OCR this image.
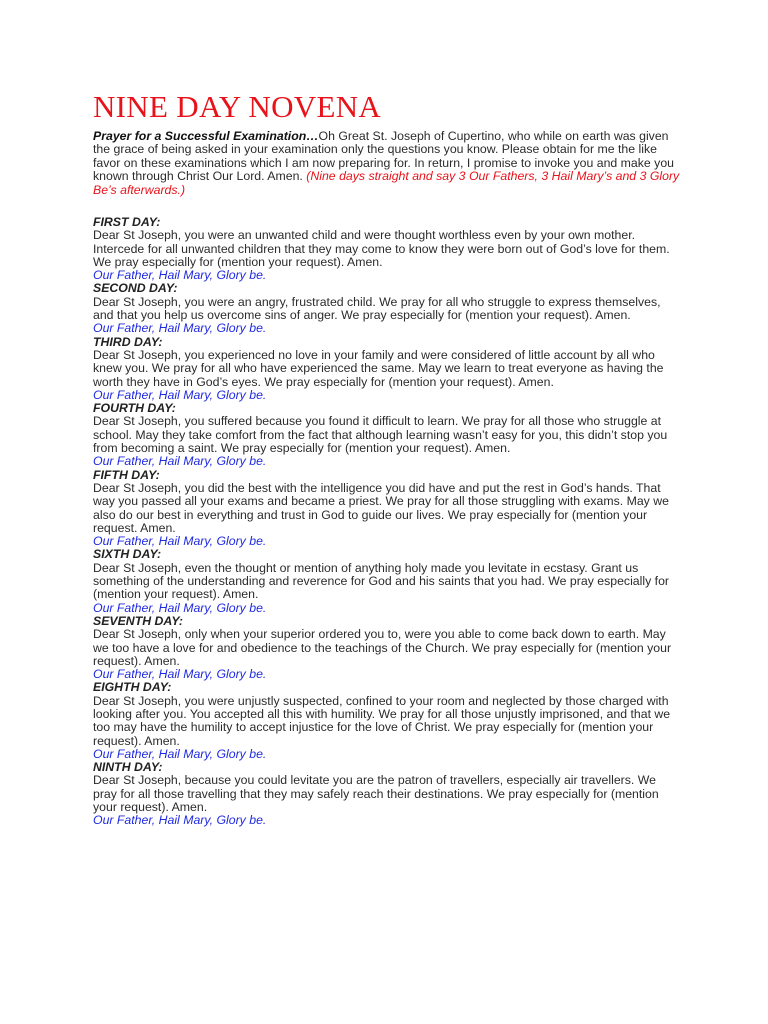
NINE DAY NOVENA

Prayer for a Successful Examination…Oh Great St. Joseph of Cupertino, who while on earth was given the grace of being asked in your examination only the questions you know. Please obtain for me the like favor on these examinations which I am now preparing for. In return, I promise to invoke you and make you known through Christ Our Lord. Amen. (Nine days straight and say 3 Our Fathers, 3 Hail Mary’s and 3 Glory Be’s afterwards.)

FIRST DAY:
Dear St Joseph, you were an unwanted child and were thought worthless even by your own mother. Intercede for all unwanted children that they may come to know they were born out of God’s love for them. We pray especially for (mention your request). Amen.
Our Father, Hail Mary, Glory be.
SECOND DAY:
Dear St Joseph, you were an angry, frustrated child. We pray for all who struggle to express themselves, and that you help us overcome sins of anger. We pray especially for (mention your request). Amen.
Our Father, Hail Mary, Glory be.
THIRD DAY:
Dear St Joseph, you experienced no love in your family and were considered of little account by all who knew you. We pray for all who have experienced the same. May we learn to treat everyone as having the worth they have in God’s eyes. We pray especially for (mention your request). Amen.
Our Father, Hail Mary, Glory be.
FOURTH DAY:
Dear St Joseph, you suffered because you found it difficult to learn. We pray for all those who struggle at school. May they take comfort from the fact that although learning wasn’t easy for you, this didn’t stop you from becoming a saint. We pray especially for (mention your request). Amen.
Our Father, Hail Mary, Glory be.
FIFTH DAY:
Dear St Joseph, you did the best with the intelligence you did have and put the rest in God’s hands. That way you passed all your exams and became a priest. We pray for all those struggling with exams. May we also do our best in everything and trust in God to guide our lives. We pray especially for (mention your request. Amen.
Our Father, Hail Mary, Glory be.
SIXTH DAY:
Dear St Joseph, even the thought or mention of anything holy made you levitate in ecstasy. Grant us something of the understanding and reverence for God and his saints that you had. We pray especially for (mention your request). Amen.
Our Father, Hail Mary, Glory be.
SEVENTH DAY:
Dear St Joseph, only when your superior ordered you to, were you able to come back down to earth. May we too have a love for and obedience to the teachings of the Church. We pray especially for (mention your request). Amen.
Our Father, Hail Mary, Glory be.
EIGHTH DAY:
Dear St Joseph, you were unjustly suspected, confined to your room and neglected by those charged with looking after you. You accepted all this with humility. We pray for all those unjustly imprisoned, and that we too may have the humility to accept injustice for the love of Christ. We pray especially for (mention your request). Amen.
Our Father, Hail Mary, Glory be.
NINTH DAY:
Dear St Joseph, because you could levitate you are the patron of travellers, especially air travellers. We pray for all those travelling that they may safely reach their destinations. We pray especially for (mention your request). Amen.
Our Father, Hail Mary, Glory be.
